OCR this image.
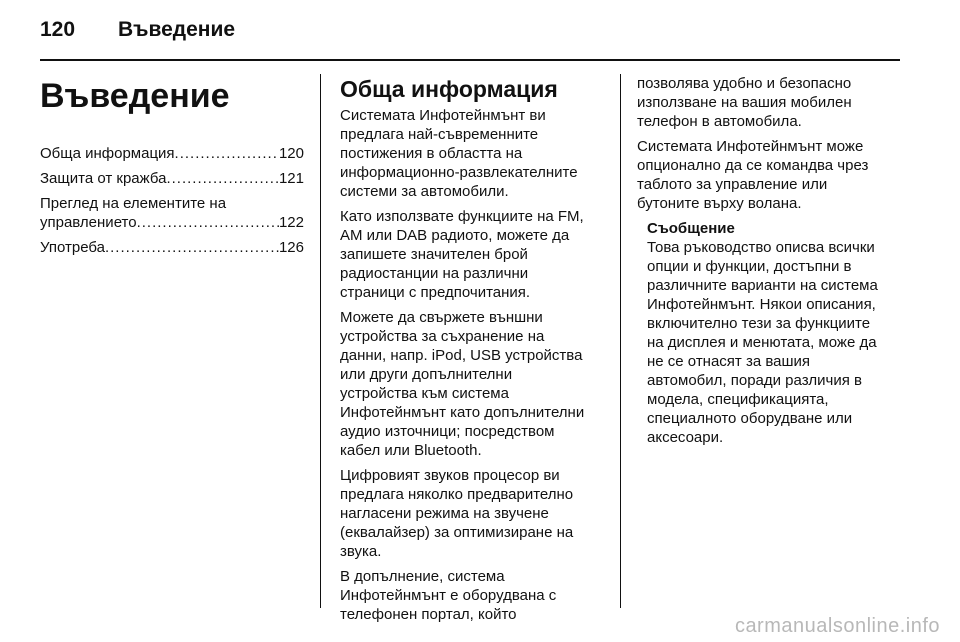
120	Въведение
Въведение
Обща информация .....	120
Защита от кражба .....	121
Преглед на елементите на
управлението .....	122
Употреба .....	126
Обща информация

Системата Инфотейнмънт ви
предлага най-съвременните
постижения в областта на
информационно-развлекателните
системи за автомобили.

Като използвате функциите на FM,
AM или DAB радиото, можете да
запишете значителен брой
радиостанции на различни
страници с предпочитания.

Можете да свържете външни
устройства за съхранение на
данни, напр. iPod, USB устройства
или други допълнителни
устройства към система
Инфотейнмънт като допълнителни
аудио източници; посредством
кабел или Bluetooth.

Цифровият звуков процесор ви
предлага няколко предварително
нагласени режима на звучене
(еквалайзер) за оптимизиране на
звука.

В допълнение, система
Инфотейнмънт е оборудвана с
телефонен портал, който

позволява удобно и безопасно
използване на вашия мобилен
телефон в автомобила.

Системата Инфотейнмънт може
опционално да се командва чрез
таблото за управление или
бутоните върху волана.

Съобщение

Това ръководство описва всички
опции и функции, достъпни в
различните варианти на система
Инфотейнмънт. Някои описания,
включително тези за функциите
на дисплея и менютата, може да
не се отнасят за вашия
автомобил, поради различия в
модела, спецификацията,
специалното оборудване или
аксесоари.

carmanualsonline.info
